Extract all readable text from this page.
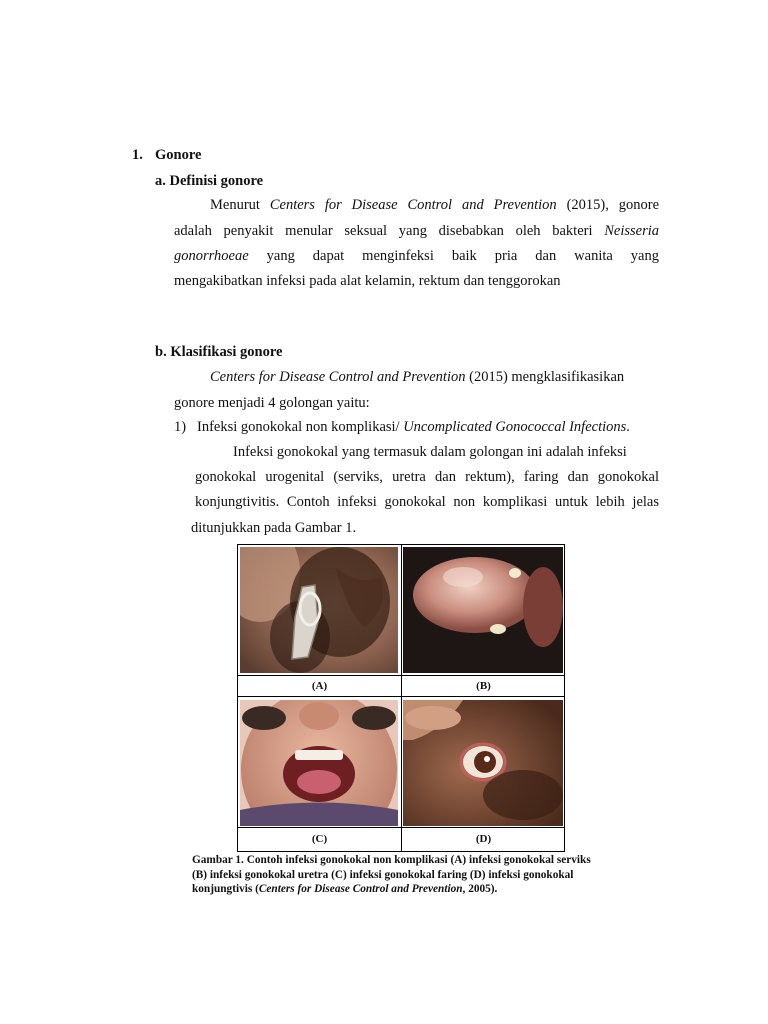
1. Gonore
a. Definisi gonore
Menurut Centers for Disease Control and Prevention (2015), gonore
adalah penyakit menular seksual yang disebabkan oleh bakteri Neisseria
gonorrhoeae yang dapat menginfeksi baik pria dan wanita yang
mengakibatkan infeksi pada alat kelamin, rektum dan tenggorokan
b. Klasifikasi gonore
Centers for Disease Control and Prevention (2015) mengklasifikasikan
gonore menjadi 4 golongan yaitu:
1) Infeksi gonokokal non komplikasi/ Uncomplicated Gonococcal Infections.
Infeksi gonokokal yang termasuk dalam golongan ini adalah infeksi
gonokokal urogenital (serviks, uretra dan rektum), faring dan gonokokal
konjungtivitis. Contoh infeksi gonokokal non komplikasi untuk lebih jelas
ditunjukkan pada Gambar 1.
(A)	(B)
(C)	(D)
Gambar 1. Contoh infeksi gonokokal non komplikasi (A) infeksi gonokokal serviks
(B) infeksi gonokokal uretra (C) infeksi gonokokal faring (D) infeksi gonokokal
konjungtivis (Centers for Disease Control and Prevention, 2005).
